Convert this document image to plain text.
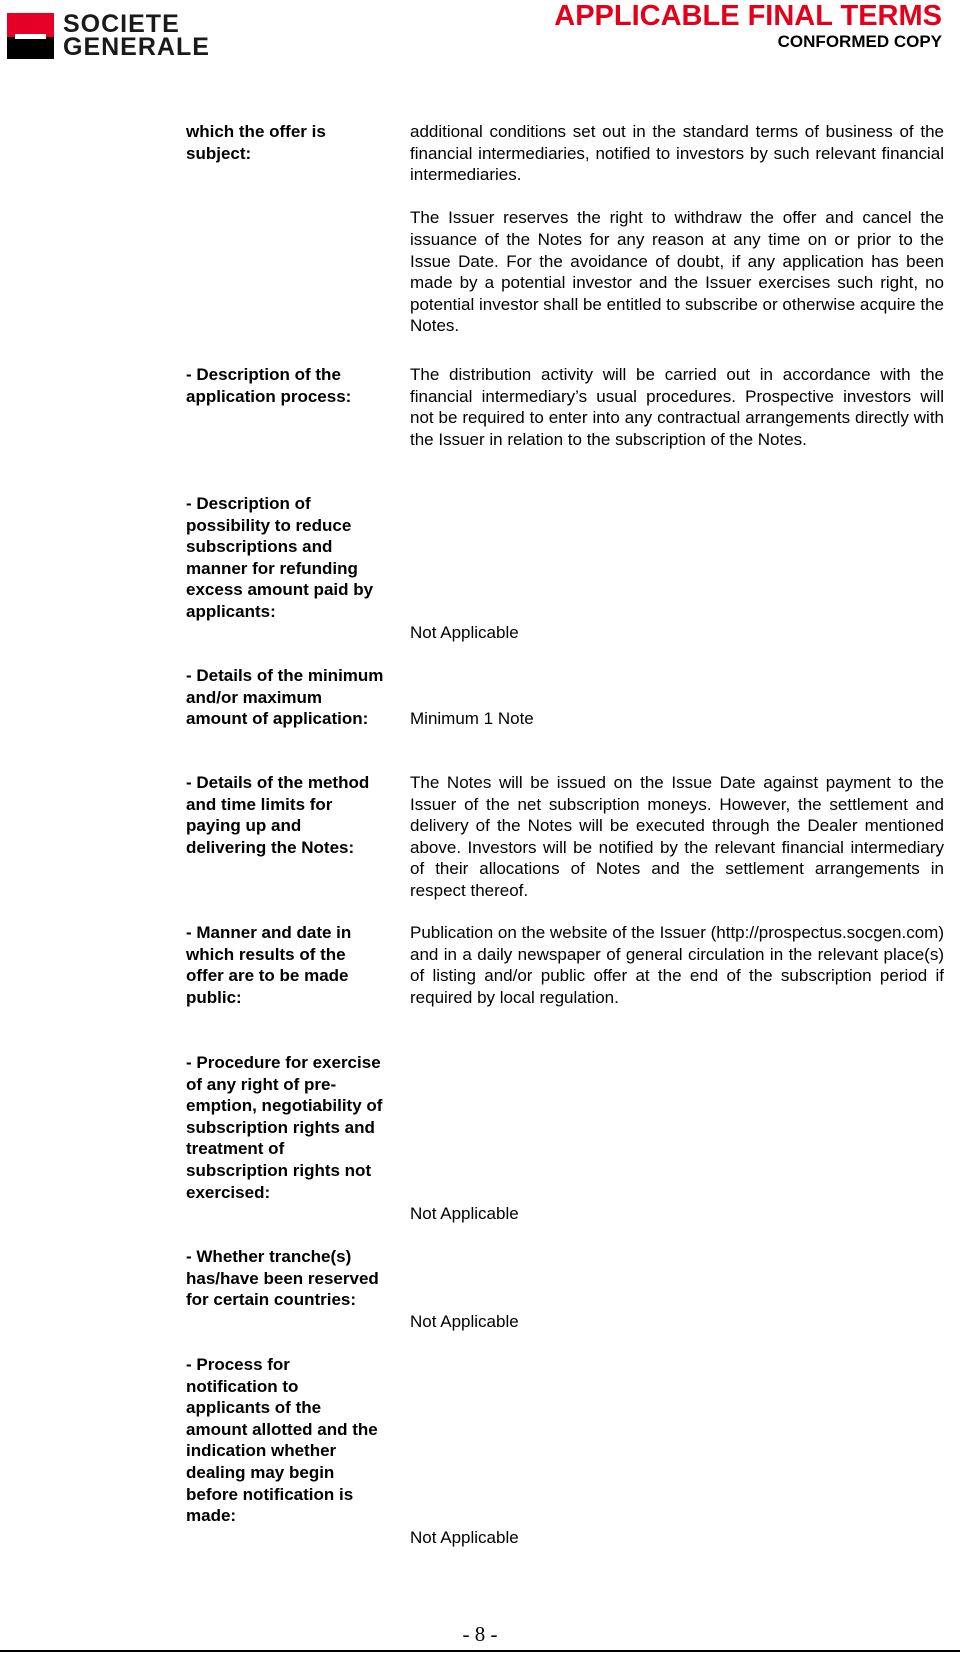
SOCIETE
GENERALE
APPLICABLE FINAL TERMS
CONFORMED COPY
which the offer is subject:

additional conditions set out in the standard terms of business of the financial intermediaries, notified to investors by such relevant financial intermediaries.

The Issuer reserves the right to withdraw the offer and cancel the issuance of the Notes for any reason at any time on or prior to the Issue Date. For the avoidance of doubt, if any application has been made by a potential investor and the Issuer exercises such right, no potential investor shall be entitled to subscribe or otherwise acquire the Notes.

- Description of the application process:

The distribution activity will be carried out in accordance with the financial intermediary’s usual procedures. Prospective investors will not be required to enter into any contractual arrangements directly with the Issuer in relation to the subscription of the Notes.

- Description of possibility to reduce subscriptions and manner for refunding excess amount paid by applicants:

Not Applicable

- Details of the minimum and/or maximum amount of application:	Minimum 1 Note

- Details of the method and time limits for paying up and delivering the Notes:

The Notes will be issued on the Issue Date against payment to the Issuer of the net subscription moneys. However, the settlement and delivery of the Notes will be executed through the Dealer mentioned above. Investors will be notified by the relevant financial intermediary of their allocations of Notes and the settlement arrangements in respect thereof.

- Manner and date in which results of the offer are to be made public:

Publication on the website of the Issuer (http://prospectus.socgen.com) and in a daily newspaper of general circulation in the relevant place(s) of listing and/or public offer at the end of the subscription period if required by local regulation.

- Procedure for exercise of any right of pre-emption, negotiability of subscription rights and treatment of subscription rights not exercised:

Not Applicable

- Whether tranche(s) has/have been reserved for certain countries:

Not Applicable

- Process for notification to applicants of the amount allotted and the indication whether dealing may begin before notification is made:

Not Applicable

- 8 -
